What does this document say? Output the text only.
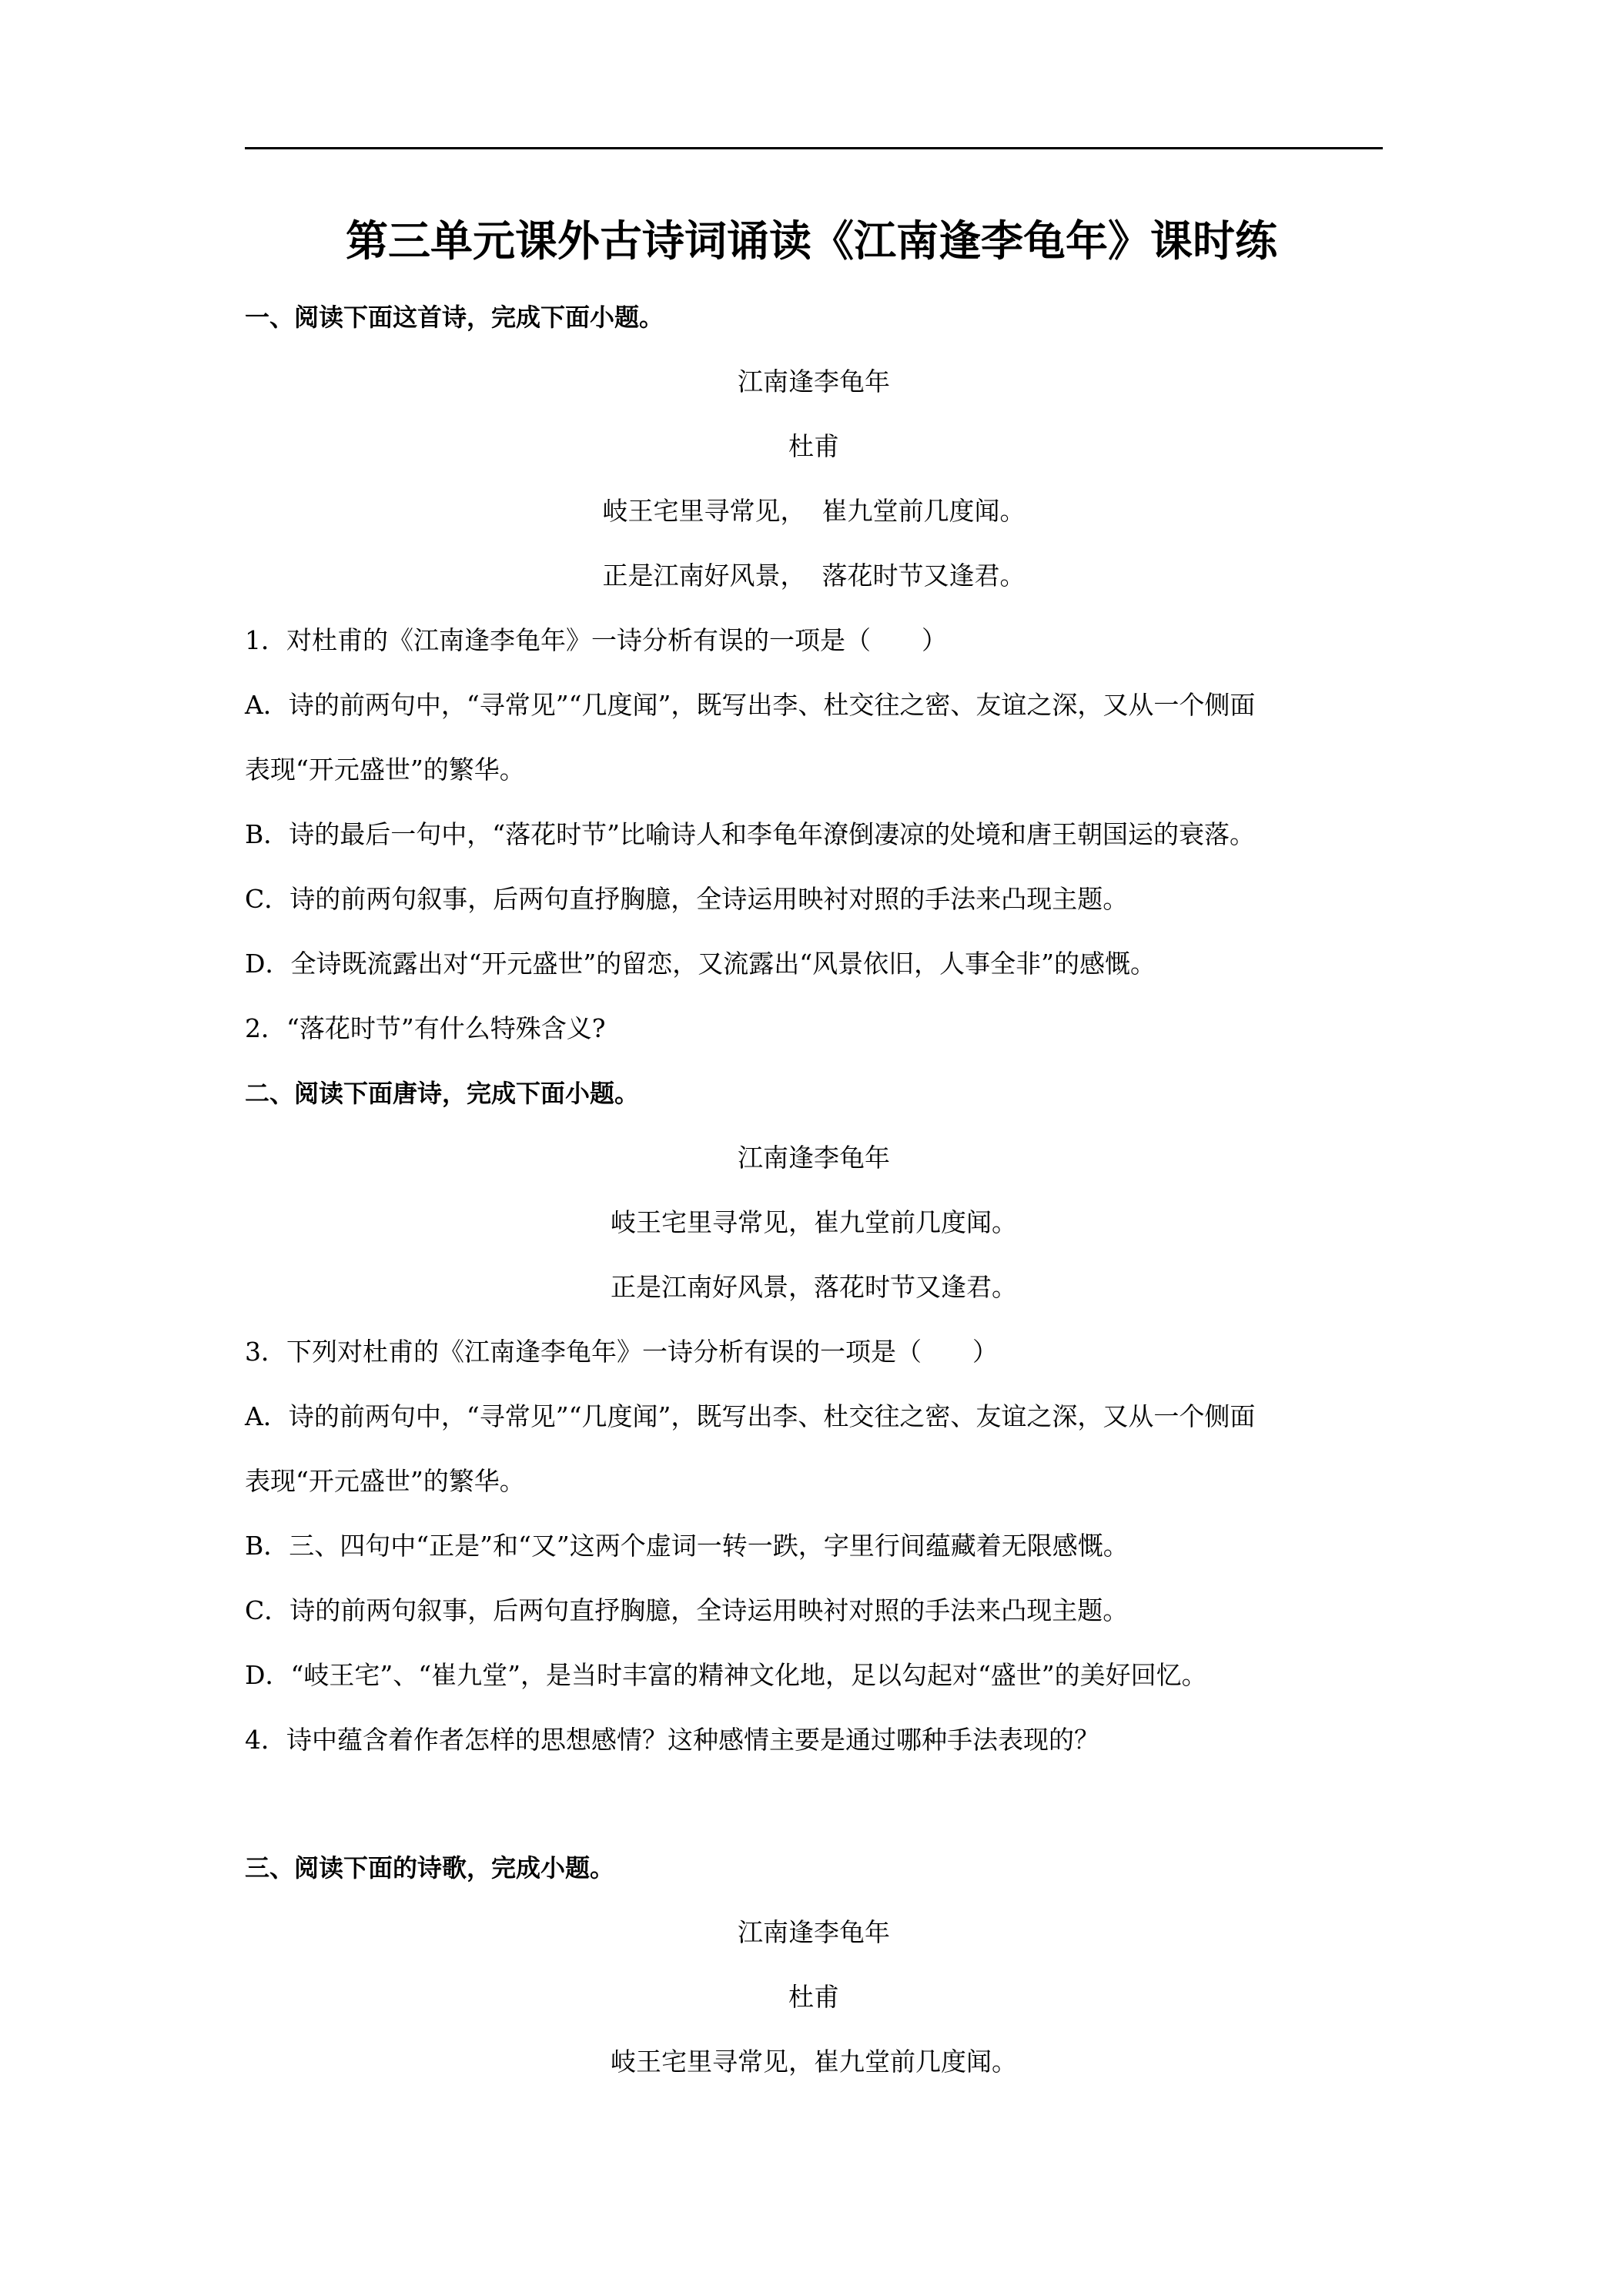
第三单元课外古诗词诵读《江南逢李龟年》课时练
一、阅读下面这首诗，完成下面小题。
江南逢李龟年
杜甫
岐王宅里寻常见，  崔九堂前几度闻。
正是江南好风景，  落花时节又逢君。
1．对杜甫的《江南逢李龟年》一诗分析有误的一项是（　　）
A．诗的前两句中，“寻常见”“几度闻”，既写出李、杜交往之密、友谊之深，又从一个侧面
表现“开元盛世”的繁华。
B．诗的最后一句中，“落花时节”比喻诗人和李龟年潦倒凄凉的处境和唐王朝国运的衰落。
C．诗的前两句叙事，后两句直抒胸臆，全诗运用映衬对照的手法来凸现主题。
D．全诗既流露出对“开元盛世”的留恋，又流露出“风景依旧，人事全非”的感慨。
2．“落花时节”有什么特殊含义?
二、阅读下面唐诗，完成下面小题。
江南逢李龟年
岐王宅里寻常见，崔九堂前几度闻。
正是江南好风景，落花时节又逢君。
3．下列对杜甫的《江南逢李龟年》一诗分析有误的一项是（　　）
A．诗的前两句中，“寻常见”“几度闻”，既写出李、杜交往之密、友谊之深，又从一个侧面
表现“开元盛世”的繁华。
B．三、四句中“正是”和“又”这两个虚词一转一跌，字里行间蕴藏着无限感慨。
C．诗的前两句叙事，后两句直抒胸臆，全诗运用映衬对照的手法来凸现主题。
D．“岐王宅”、“崔九堂”，是当时丰富的精神文化地，足以勾起对“盛世”的美好回忆。
4．诗中蕴含着作者怎样的思想感情？这种感情主要是通过哪种手法表现的？
三、阅读下面的诗歌，完成小题。
江南逢李龟年
杜甫
岐王宅里寻常见，崔九堂前几度闻。
